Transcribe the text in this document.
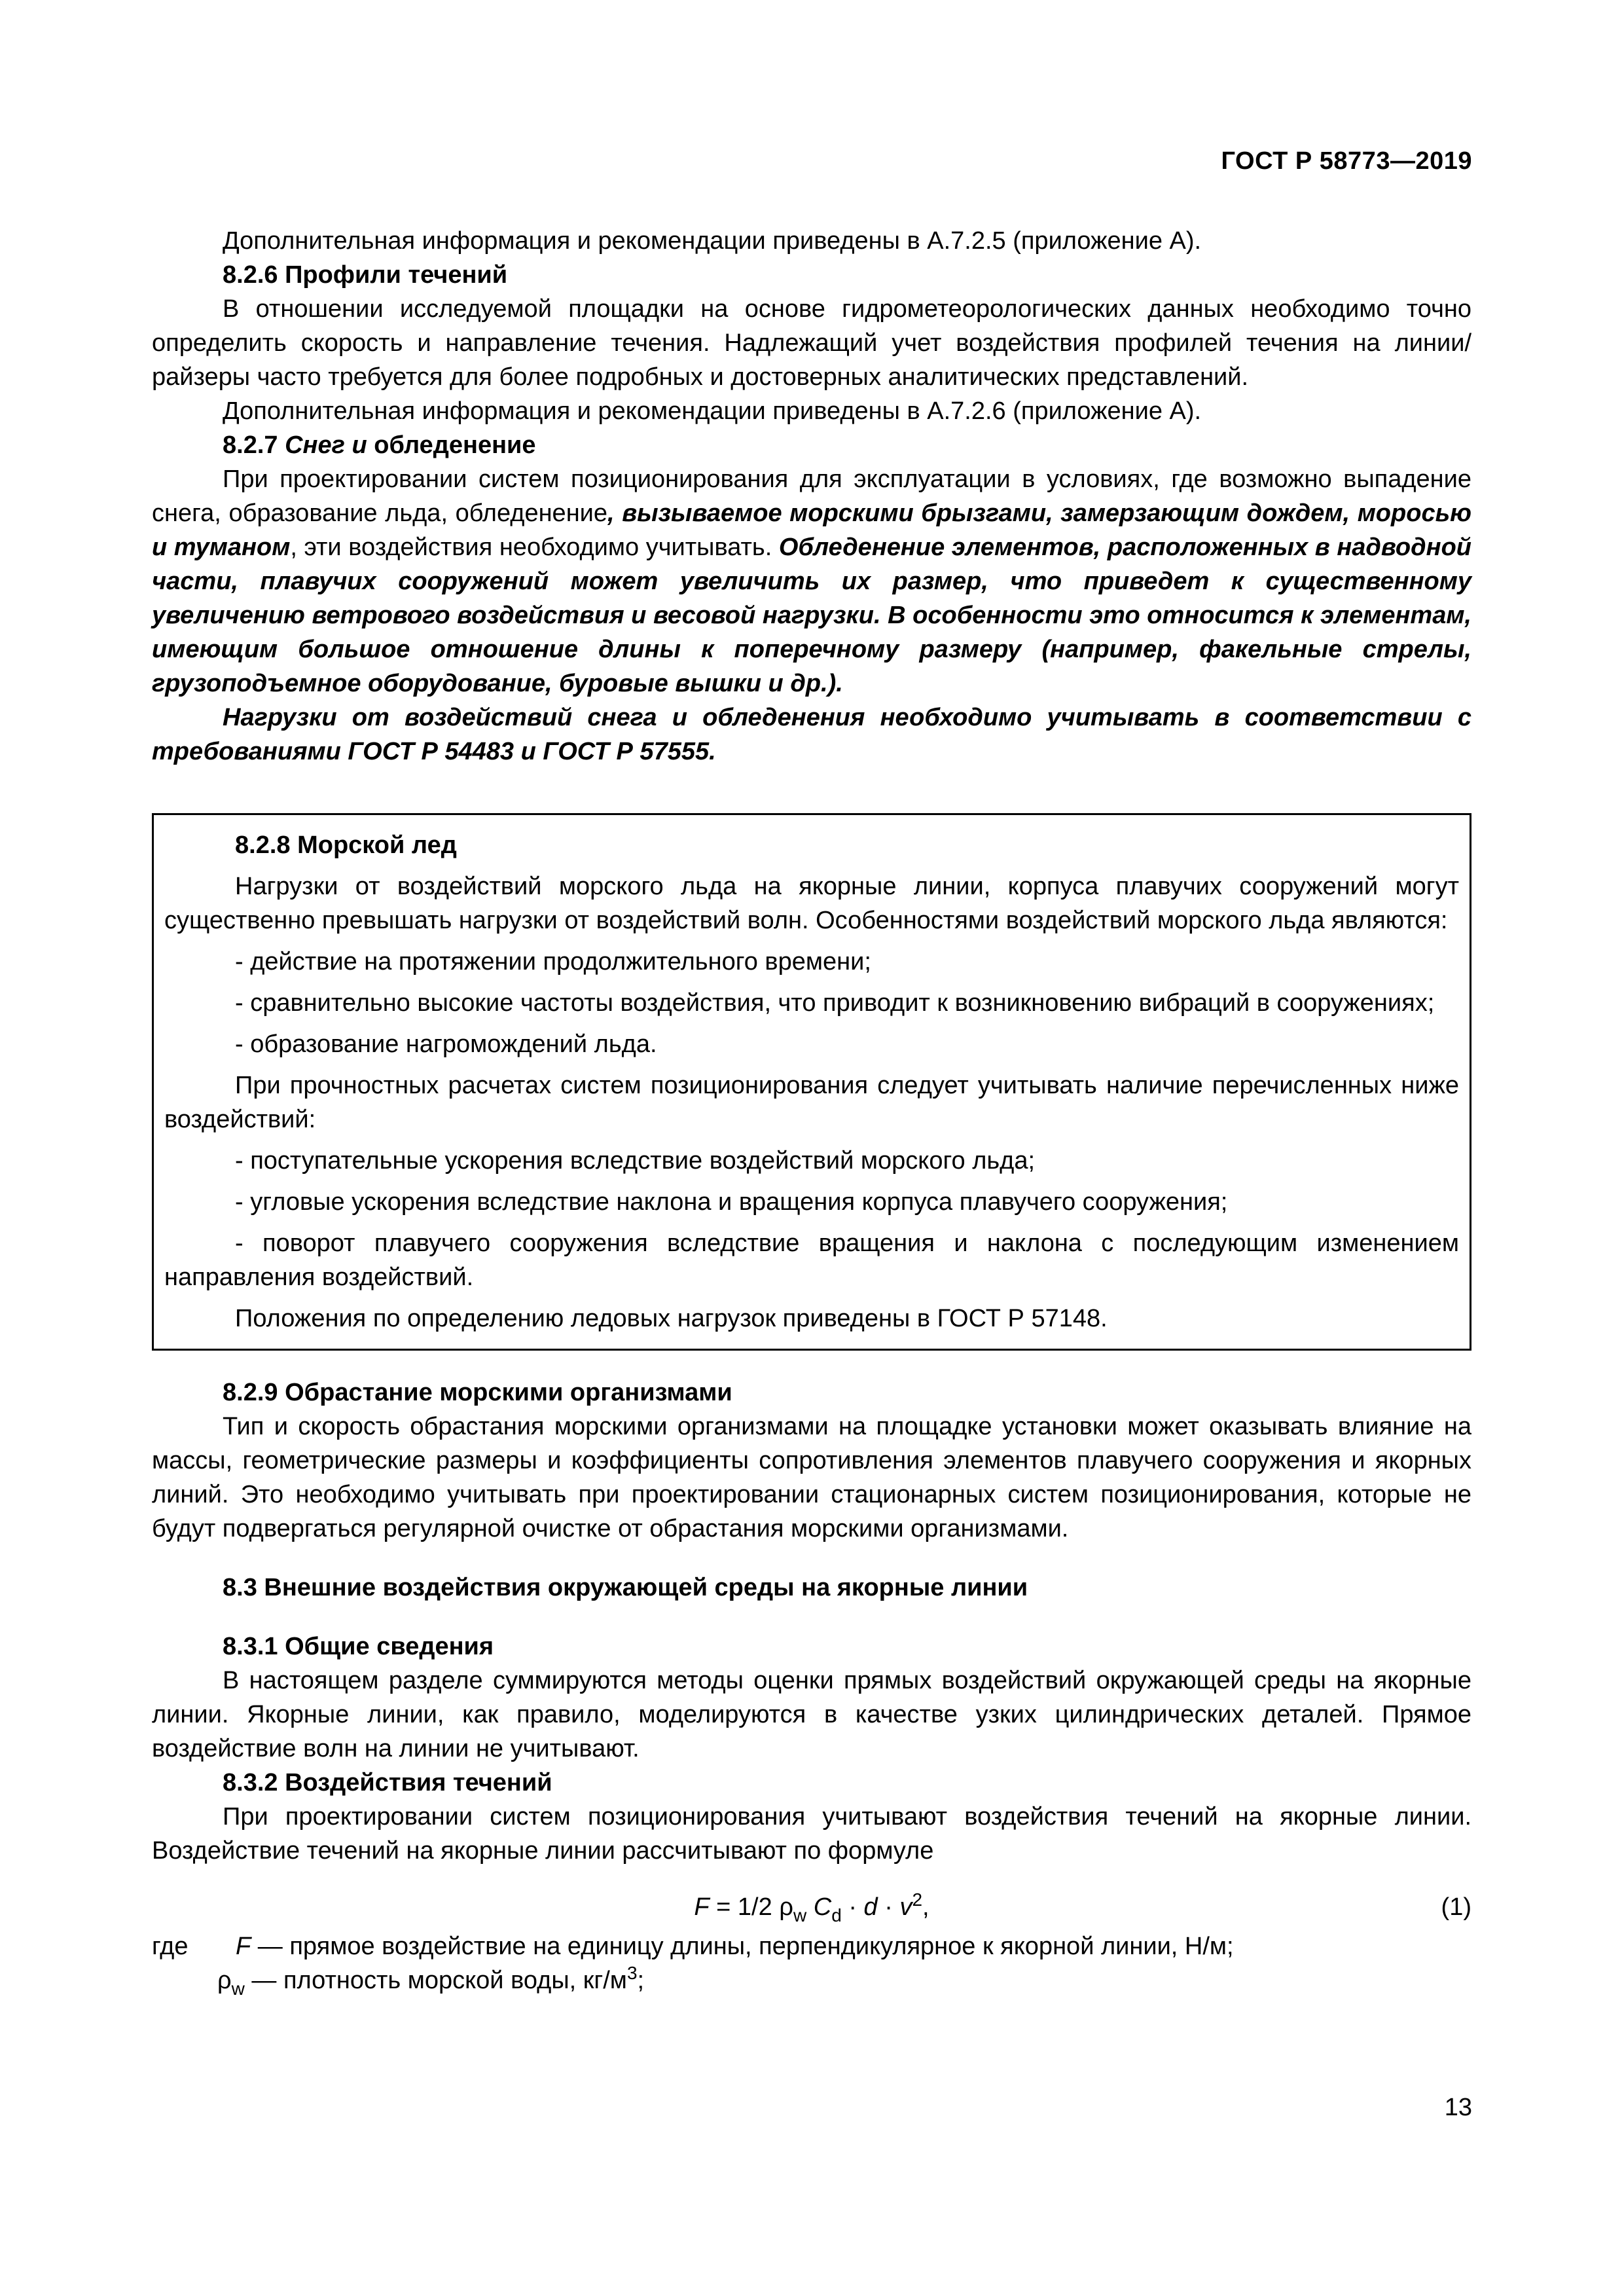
ГОСТ Р 58773—2019

Дополнительная информация и рекомендации приведены в А.7.2.5 (приложение А).

8.2.6 Профили течений

В отношении исследуемой площадки на основе гидрометеорологических данных необходимо точно определить скорость и направление течения. Надлежащий учет воздействия профилей течения на линии/райзеры часто требуется для более подробных и достоверных аналитических представлений.

Дополнительная информация и рекомендации приведены в А.7.2.6 (приложение А).

8.2.7 Снег и обледенение

При проектировании систем позиционирования для эксплуатации в условиях, где возможно выпадение снега, образование льда, обледенение, вызываемое морскими брызгами, замерзающим дождем, моросью и туманом, эти воздействия необходимо учитывать. Обледенение элементов, расположенных в надводной части, плавучих сооружений может увеличить их размер, что приведет к существенному увеличению ветрового воздействия и весовой нагрузки. В особенности это относится к элементам, имеющим большое отношение длины к поперечному размеру (например, факельные стрелы, грузоподъемное оборудование, буровые вышки и др.).

Нагрузки от воздействий снега и обледенения необходимо учитывать в соответствии с требованиями ГОСТ Р 54483 и ГОСТ Р 57555.

8.2.8 Морской лед

Нагрузки от воздействий морского льда на якорные линии, корпуса плавучих сооружений могут существенно превышать нагрузки от воздействий волн. Особенностями воздействий морского льда являются:

- действие на протяжении продолжительного времени;

- сравнительно высокие частоты воздействия, что приводит к возникновению вибраций в сооружениях;

- образование нагромождений льда.

При прочностных расчетах систем позиционирования следует учитывать наличие перечисленных ниже воздействий:

- поступательные ускорения вследствие воздействий морского льда;

- угловые ускорения вследствие наклона и вращения корпуса плавучего сооружения;

- поворот плавучего сооружения вследствие вращения и наклона с последующим изменением направления воздействий.

Положения по определению ледовых нагрузок приведены в ГОСТ Р 57148.

8.2.9 Обрастание морскими организмами

Тип и скорость обрастания морскими организмами на площадке установки может оказывать влияние на массы, геометрические размеры и коэффициенты сопротивления элементов плавучего сооружения и якорных линий. Это необходимо учитывать при проектировании стационарных систем позиционирования, которые не будут подвергаться регулярной очистке от обрастания морскими организмами.

8.3 Внешние воздействия окружающей среды на якорные линии

8.3.1 Общие сведения

В настоящем разделе суммируются методы оценки прямых воздействий окружающей среды на якорные линии. Якорные линии, как правило, моделируются в качестве узких цилиндрических деталей. Прямое воздействие волн на линии не учитывают.

8.3.2 Воздействия течений

При проектировании систем позиционирования учитывают воздействия течений на якорные линии. Воздействие течений на якорные линии рассчитывают по формуле

F = 1/2 $\rho_w$ $C_d \cdot d \cdot v^2$,	(1)

где F — прямое воздействие на единицу длины, перпендикулярное к якорной линии, Н/м;

$\rho_w$ — плотность морской воды, $кг/м^3$;

13
